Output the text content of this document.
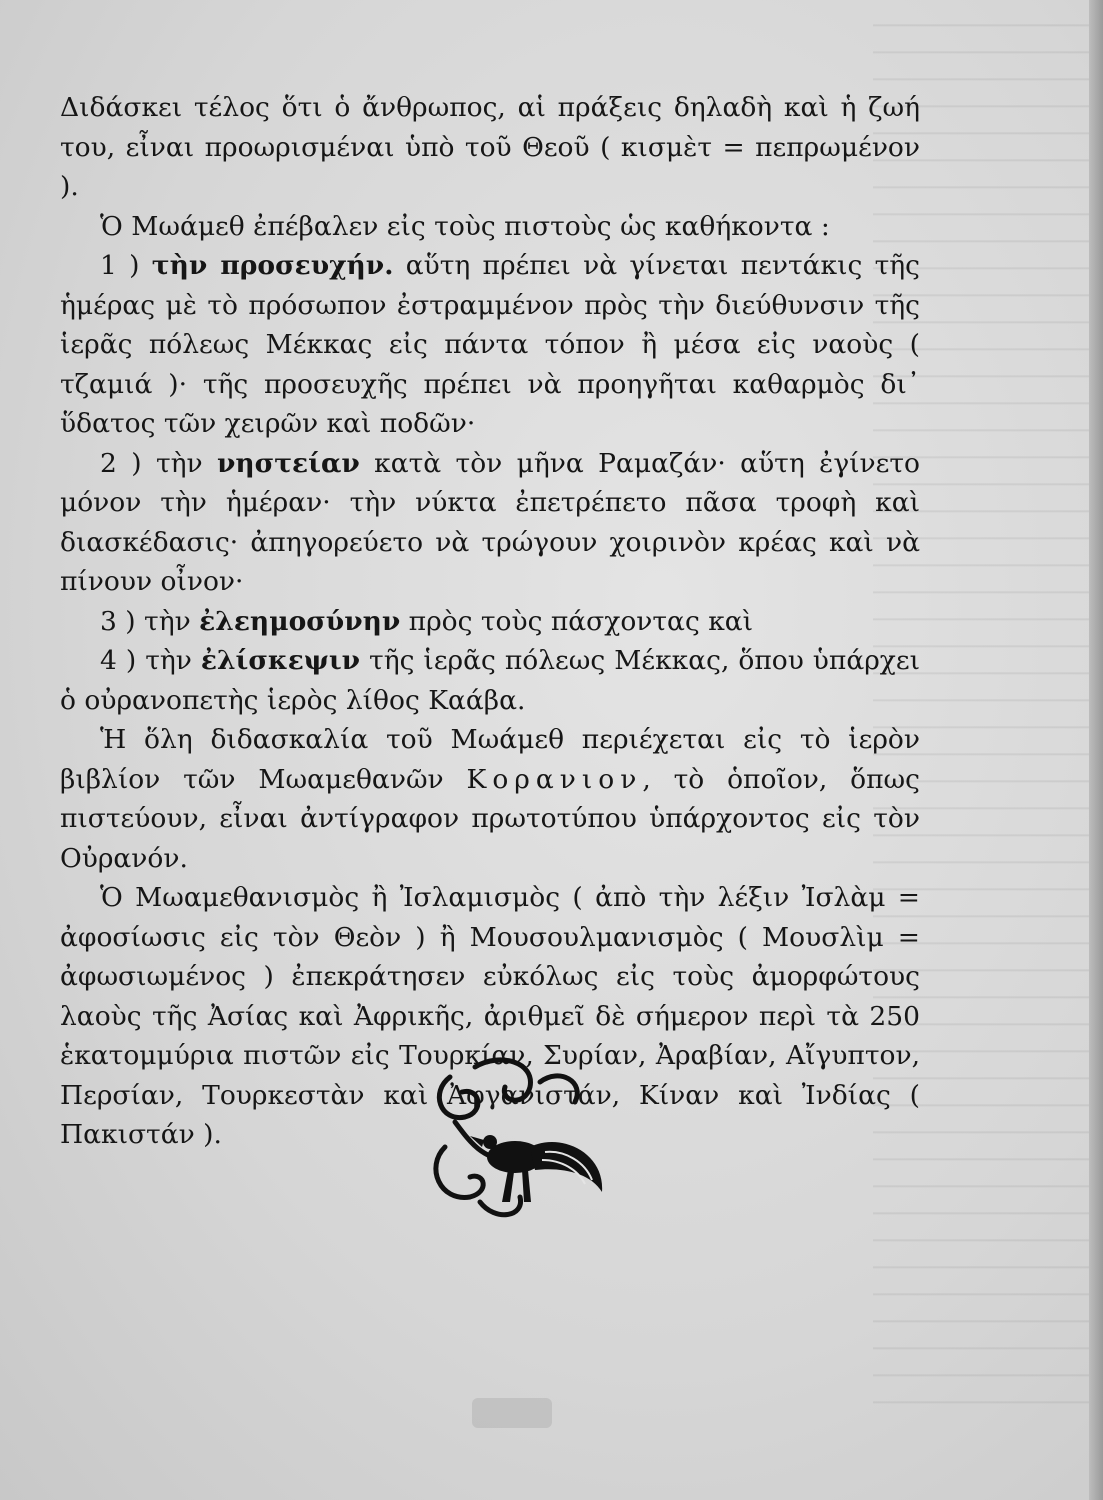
Διδάσκει τέλος ὅτι ὁ ἄνθρωπος, αἱ πράξεις δηλαδὴ καὶ ἡ ζωή του, εἶναι προωρισμέναι ὑπὸ τοῦ Θεοῦ ( κισμὲτ = πεπρωμένον ).

Ὁ Μωάμεθ ἐπέβαλεν εἰς τοὺς πιστοὺς ὡς καθήκοντα :

1 ) τὴν προσευχήν. αὕτη πρέπει νὰ γίνεται πεντάκις τῆς ἡμέρας μὲ τὸ πρόσωπον ἐστραμμένον πρὸς τὴν διεύθυνσιν τῆς ἱερᾶς πόλεως Μέκκας εἰς πάντα τόπον ἢ μέσα εἰς ναοὺς ( τζαμιά )· τῆς προσευχῆς πρέπει νὰ προηγῆται καθαρμὸς δι᾽ ὕδατος τῶν χειρῶν καὶ ποδῶν·

2 ) τὴν νηστείαν κατὰ τὸν μῆνα Ραμαζάν· αὕτη ἐγίνετο μόνον τὴν ἡμέραν· τὴν νύκτα ἐπετρέπετο πᾶσα τροφὴ καὶ διασκέδασις· ἀπηγορεύετο νὰ τρώγουν χοιρινὸν κρέας καὶ νὰ πίνουν οἶνον·

3 ) τὴν ἐλεημοσύνην πρὸς τοὺς πάσχοντας καὶ

4 ) τὴν ἐλίσκεψιν τῆς ἱερᾶς πόλεως Μέκκας, ὅπου ὑπάρχει ὁ οὐρανοπετὴς ἱερὸς λίθος Καάβα.

Ἡ ὅλη διδασκαλία τοῦ Μωάμεθ περιέχεται εἰς τὸ ἱερὸν βιβλίον τῶν Μωαμεθανῶν Κορανιον, τὸ ὁποῖον, ὅπως πιστεύουν, εἶναι ἀντίγραφον πρωτοτύπου ὑπάρχοντος εἰς τὸν Οὐρανόν.

Ὁ Μωαμεθανισμὸς ἢ Ἰσλαμισμὸς ( ἀπὸ τὴν λέξιν Ἰσλὰμ = ἀφοσίωσις εἰς τὸν Θεὸν ) ἢ Μουσουλμανισμὸς ( Μουσλὶμ = ἀφωσιωμένος ) ἐπεκράτησεν εὐκόλως εἰς τοὺς ἀμορφώτους λαοὺς τῆς Ἀσίας καὶ Ἀφρικῆς, ἀριθμεῖ δὲ σήμερον περὶ τὰ 250 ἑκατομμύρια πιστῶν εἰς Τουρκίαν, Συρίαν, Ἀραβίαν, Αἴγυπτον, Περσίαν, Τουρκεστὰν καὶ Ἀφγανιστάν, Κίναν καὶ Ἰνδίας ( Πακιστάν ).
